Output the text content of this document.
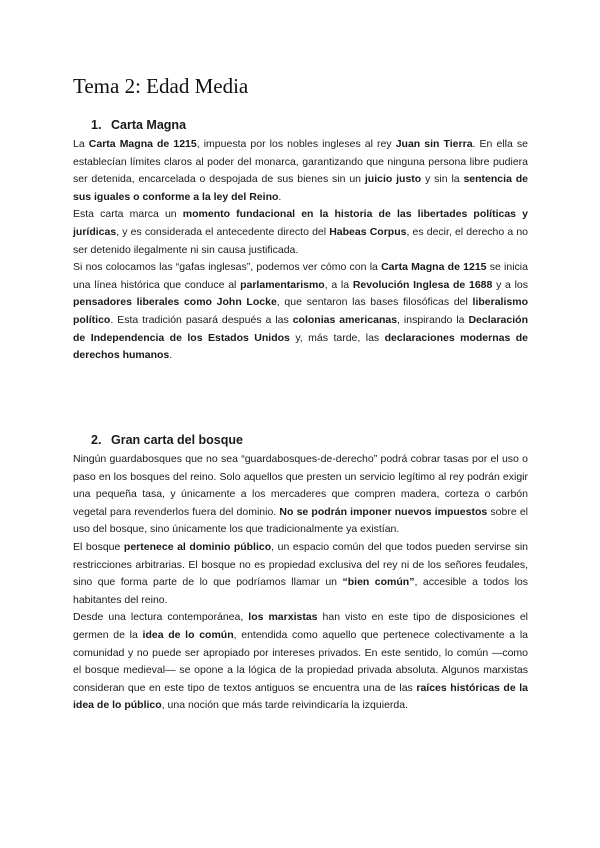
Tema 2: Edad Media
1. Carta Magna

La Carta Magna de 1215, impuesta por los nobles ingleses al rey Juan sin Tierra. En ella se establecían límites claros al poder del monarca, garantizando que ninguna persona libre pudiera ser detenida, encarcelada o despojada de sus bienes sin un juicio justo y sin la sentencia de sus iguales o conforme a la ley del Reino.

Esta carta marca un momento fundacional en la historia de las libertades políticas y jurídicas, y es considerada el antecedente directo del Habeas Corpus, es decir, el derecho a no ser detenido ilegalmente ni sin causa justificada.

Si nos colocamos las “gafas inglesas”, podemos ver cómo con la Carta Magna de 1215 se inicia una línea histórica que conduce al parlamentarismo, a la Revolución Inglesa de 1688 y a los pensadores liberales como John Locke, que sentaron las bases filosóficas del liberalismo político. Esta tradición pasará después a las colonias americanas, inspirando la Declaración de Independencia de los Estados Unidos y, más tarde, las declaraciones modernas de derechos humanos.

2. Gran carta del bosque

Ningún guardabosques que no sea “guardabosques-de-derecho” podrá cobrar tasas por el uso o paso en los bosques del reino. Solo aquellos que presten un servicio legítimo al rey podrán exigir una pequeña tasa, y únicamente a los mercaderes que compren madera, corteza o carbón vegetal para revenderlos fuera del dominio. No se podrán imponer nuevos impuestos sobre el uso del bosque, sino únicamente los que tradicionalmente ya existían.

El bosque pertenece al dominio público, un espacio común del que todos pueden servirse sin restricciones arbitrarias. El bosque no es propiedad exclusiva del rey ni de los señores feudales, sino que forma parte de lo que podríamos llamar un “bien común”, accesible a todos los habitantes del reino.

Desde una lectura contemporánea, los marxistas han visto en este tipo de disposiciones el germen de la idea de lo común, entendida como aquello que pertenece colectivamente a la comunidad y no puede ser apropiado por intereses privados. En este sentido, lo común —como el bosque medieval— se opone a la lógica de la propiedad privada absoluta. Algunos marxistas consideran que en este tipo de textos antiguos se encuentra una de las raíces históricas de la idea de lo público, una noción que más tarde reivindicaría la izquierda.
